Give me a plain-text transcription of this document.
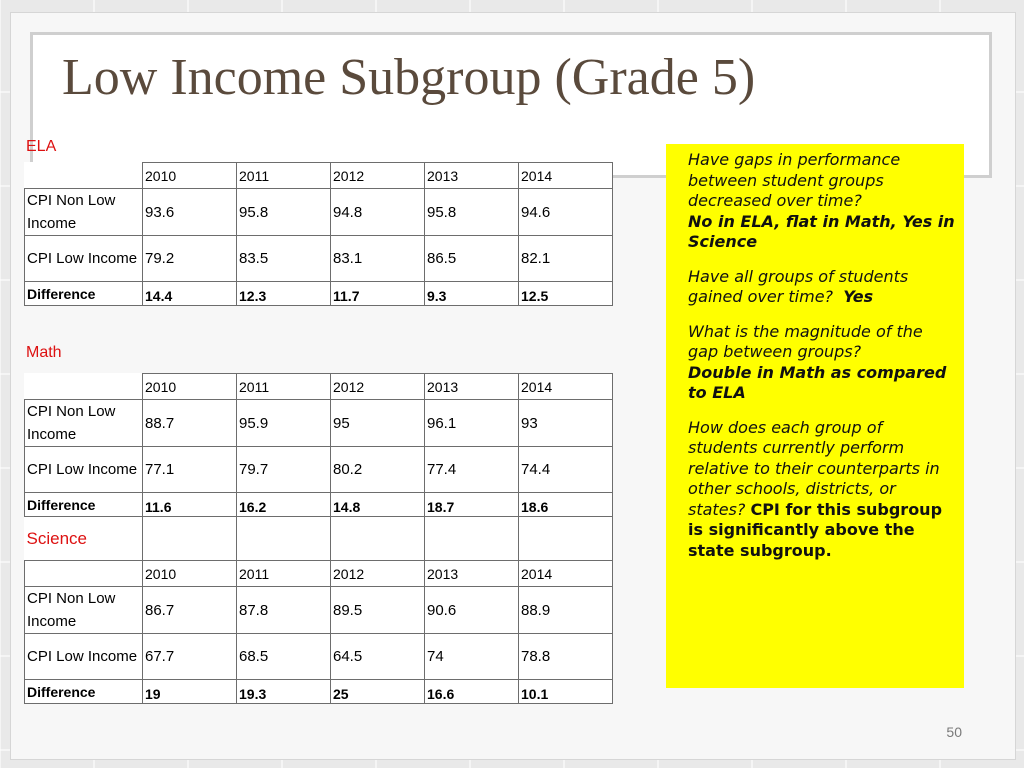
Low Income Subgroup (Grade 5)
ELA
	2010	2011	2012	2013	2014
CPI Non Low Income	93.6	95.8	94.8	95.8	94.6
CPI Low Income	79.2	83.5	83.1	86.5	82.1
Difference	14.4	12.3	11.7	9.3	12.5
Math
	2010	2011	2012	2013	2014
CPI Non Low Income	88.7	95.9	95	96.1	93
CPI Low Income	77.1	79.7	80.2	77.4	74.4
Difference	11.6	16.2	14.8	18.7	18.6
Science					
	2010	2011	2012	2013	2014
CPI Non Low Income	86.7	87.8	89.5	90.6	88.9
CPI Low Income	67.7	68.5	64.5	74	78.8
Difference	19	19.3	25	16.6	10.1

Have gaps in performance between student groups decreased over time?
No in ELA, flat in Math, Yes in Science

Have all groups of students gained over time? Yes

What is the magnitude of the gap between groups?
Double in Math as compared to ELA

How does each group of students currently perform relative to their counterparts in other schools, districts, or states? CPI for this subgroup is significantly above the state subgroup.

50
